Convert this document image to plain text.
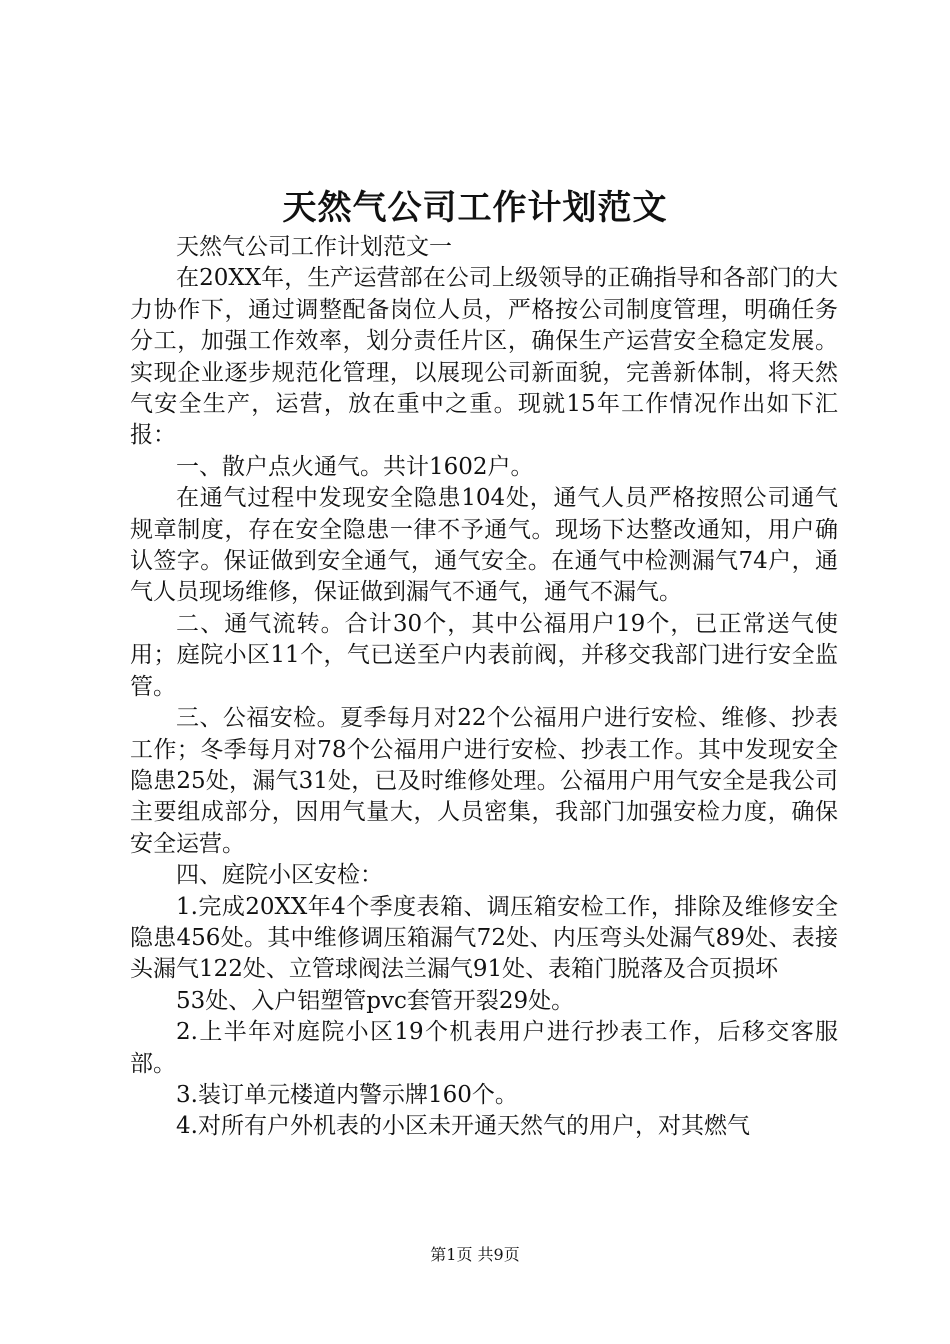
天然气公司工作计划范文

天然气公司工作计划范文一

在20XX年，生产运营部在公司上级领导的正确指导和各部门的大力协作下，通过调整配备岗位人员，严格按公司制度管理，明确任务分工，加强工作效率，划分责任片区，确保生产运营安全稳定发展。实现企业逐步规范化管理，以展现公司新面貌，完善新体制，将天然气安全生产，运营，放在重中之重。现就15年工作情况作出如下汇报：

一、散户点火通气。共计1602户。

在通气过程中发现安全隐患104处，通气人员严格按照公司通气规章制度，存在安全隐患一律不予通气。现场下达整改通知，用户确认签字。保证做到安全通气，通气安全。在通气中检测漏气74户，通气人员现场维修，保证做到漏气不通气，通气不漏气。

二、通气流转。合计30个，其中公福用户19个，已正常送气使用；庭院小区11个，气已送至户内表前阀，并移交我部门进行安全监管。

三、公福安检。夏季每月对22个公福用户进行安检、维修、抄表工作；冬季每月对78个公福用户进行安检、抄表工作。其中发现安全隐患25处，漏气31处，已及时维修处理。公福用户用气安全是我公司主要组成部分，因用气量大，人员密集，我部门加强安检力度，确保安全运营。

四、庭院小区安检：

1.完成20XX年4个季度表箱、调压箱安检工作，排除及维修安全隐患456处。其中维修调压箱漏气72处、内压弯头处漏气89处、表接头漏气122处、立管球阀法兰漏气91处、表箱门脱落及合页损坏

53处、入户铝塑管pvc套管开裂29处。

2.上半年对庭院小区19个机表用户进行抄表工作，后移交客服部。

3.装订单元楼道内警示牌160个。

4.对所有户外机表的小区未开通天然气的用户，对其燃气

第1页 共9页
